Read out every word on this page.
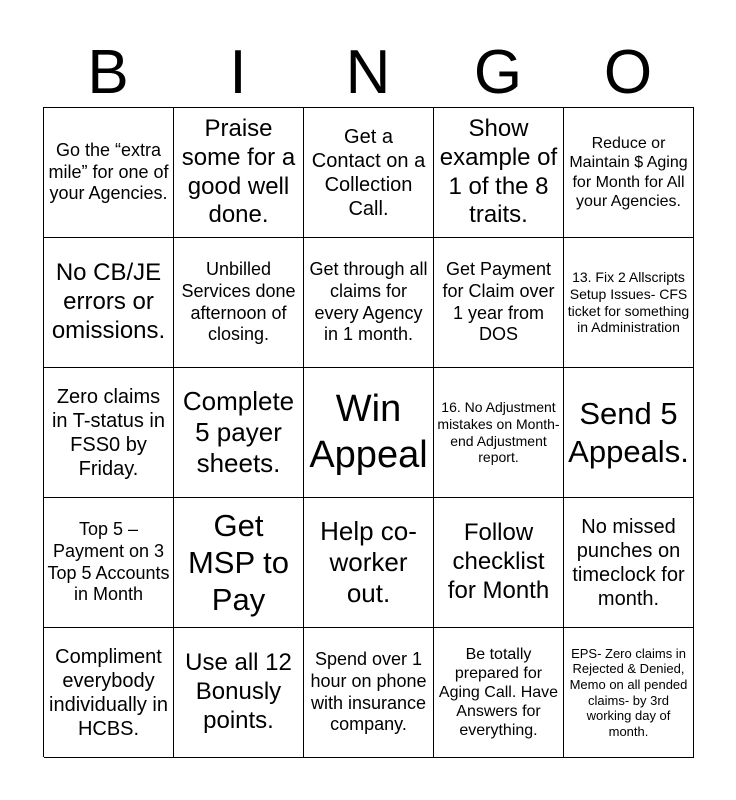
B	I	N	G	O
Go the “extra mile” for one of your Agencies.
Praise some for a good well done.
Get a Contact on a Collection Call.
Show example of 1 of the 8 traits.
Reduce or Maintain $ Aging for Month for All your Agencies.
No CB/JE errors or omissions.
Unbilled Services done afternoon of closing.
Get through all claims for every Agency in 1 month.
Get Payment for Claim over 1 year from DOS
13. Fix 2 Allscripts Setup Issues- CFS ticket for something in Administration
Zero claims in T-status in FSS0 by Friday.
Complete 5 payer sheets.
Win Appeal
16. No Adjustment mistakes on Month-end Adjustment report.
Send 5 Appeals.
Top 5 – Payment on 3 Top 5 Accounts in Month
Get MSP to Pay
Help co-worker out.
Follow checklist for Month
No missed punches on timeclock for month.
Compliment everybody individually in HCBS.
Use all 12 Bonusly points.
Spend over 1 hour on phone with insurance company.
Be totally prepared for Aging Call. Have Answers for everything.
EPS- Zero claims in Rejected & Denied, Memo on all pended claims- by 3rd working day of month.
